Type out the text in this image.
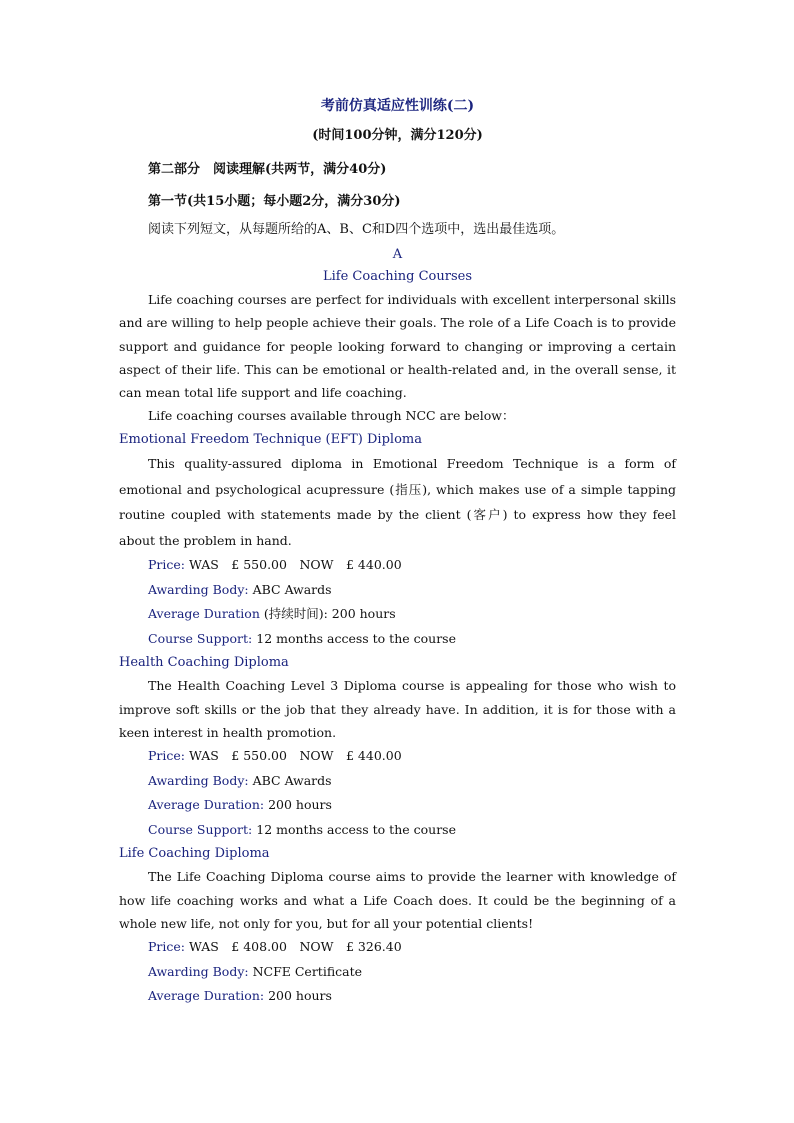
考前仿真适应性训练(二)
(时间100分钟，满分120分)
第二部分　阅读理解(共两节，满分40分)
第一节(共15小题；每小题2分，满分30分)
阅读下列短文，从每题所给的A、B、C和D四个选项中，选出最佳选项。
A
Life Coaching Courses

Life coaching courses are perfect for individuals with excellent interpersonal skills and are willing to help people achieve their goals. The role of a Life Coach is to provide support and guidance for people looking forward to changing or improving a certain aspect of their life. This can be emotional or health-related and, in the overall sense, it can mean total life support and life coaching.

Life coaching courses available through NCC are below：
Emotional Freedom Technique (EFT) Diploma

This quality-assured diploma in Emotional Freedom Technique is a form of emotional and psychological acupressure (指压), which makes use of a simple tapping routine coupled with statements made by the client (客户) to express how they feel about the problem in hand.

Price: WAS　£ 550.00　NOW　£ 440.00
Awarding Body: ABC Awards
Average Duration (持续时间): 200 hours
Course Support: 12 months access to the course
Health Coaching Diploma

The Health Coaching Level 3 Diploma course is appealing for those who wish to improve soft skills or the job that they already have. In addition, it is for those with a keen interest in health promotion.

Price: WAS　£ 550.00　NOW　£ 440.00
Awarding Body: ABC Awards
Average Duration: 200 hours
Course Support: 12 months access to the course
Life Coaching Diploma

The Life Coaching Diploma course aims to provide the learner with knowledge of how life coaching works and what a Life Coach does. It could be the beginning of a whole new life, not only for you, but for all your potential clients!

Price: WAS　£ 408.00　NOW　£ 326.40
Awarding Body: NCFE Certificate
Average Duration: 200 hours
